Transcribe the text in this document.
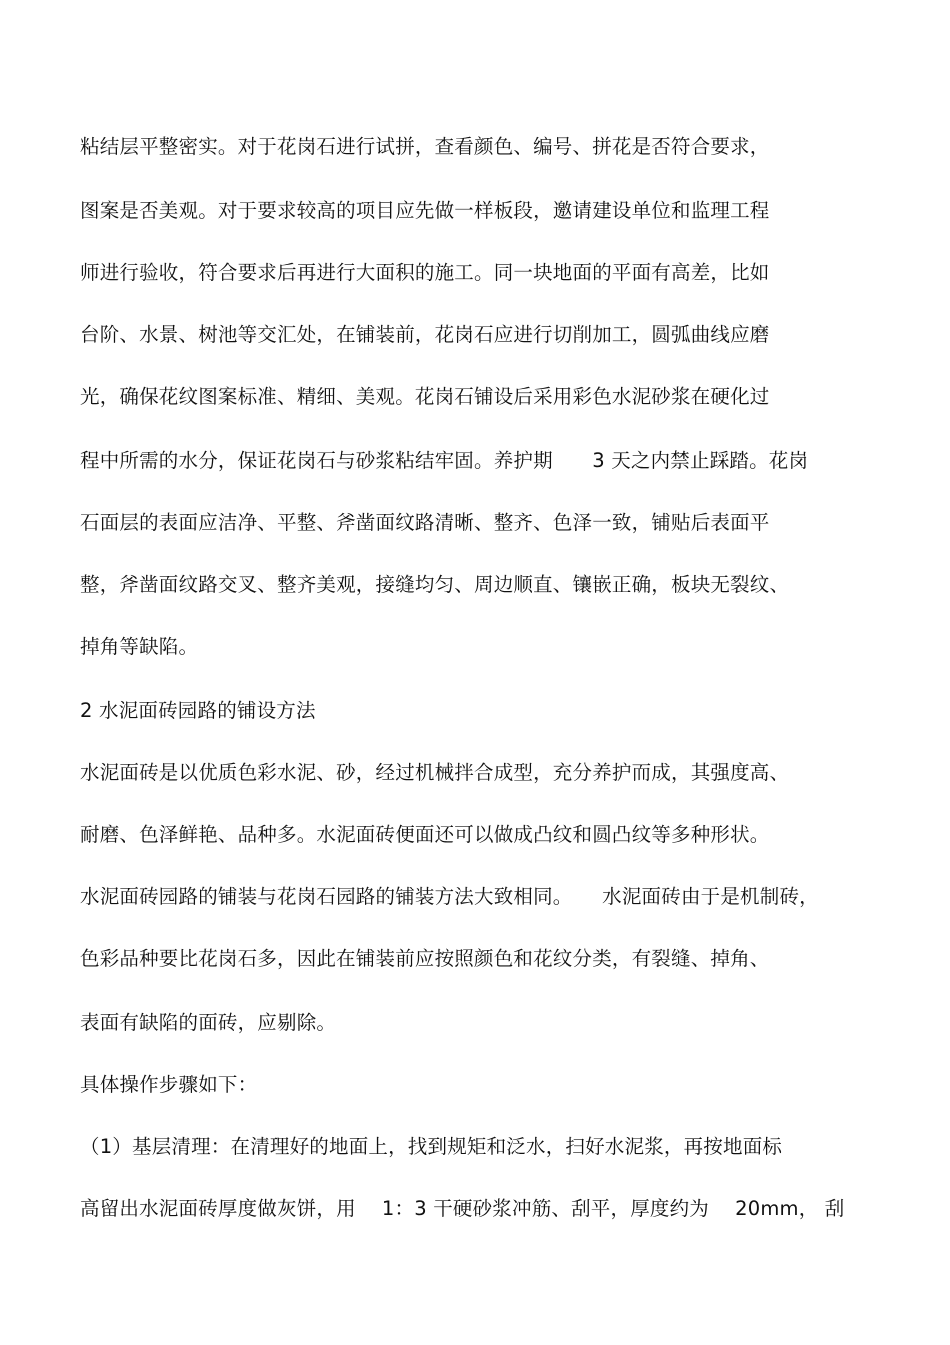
粘结层平整密实。对于花岗石进行试拼，查看颜色、编号、拼花是否符合要求，
图案是否美观。对于要求较高的项目应先做一样板段，邀请建设单位和监理工程
师进行验收，符合要求后再进行大面积的施工。同一块地面的平面有高差，比如
台阶、水景、树池等交汇处，在铺装前，花岗石应进行切削加工，圆弧曲线应磨
光，确保花纹图案标准、精细、美观。花岗石铺设后采用彩色水泥砂浆在硬化过
程中所需的水分，保证花岗石与砂浆粘结牢固。养护期　　3 天之内禁止踩踏。花岗
石面层的表面应洁净、平整、斧凿面纹路清晰、整齐、色泽一致，铺贴后表面平
整，斧凿面纹路交叉、整齐美观，接缝均匀、周边顺直、镶嵌正确，板块无裂纹、
掉角等缺陷。
2 水泥面砖园路的铺设方法
水泥面砖是以优质色彩水泥、砂，经过机械拌合成型，充分养护而成，其强度高、
耐磨、色泽鲜艳、品种多。水泥面砖便面还可以做成凸纹和圆凸纹等多种形状。
水泥面砖园路的铺装与花岗石园路的铺装方法大致相同。　　水泥面砖由于是机制砖，
色彩品种要比花岗石多，因此在铺装前应按照颜色和花纹分类，有裂缝、掉角、
表面有缺陷的面砖，应剔除。
具体操作步骤如下：
（1）基层清理：在清理好的地面上，找到规矩和泛水，扫好水泥浆，再按地面标
高留出水泥面砖厚度做灰饼，用　 1：3 干硬砂浆冲筋、刮平，厚度约为　 20mm， 刮
